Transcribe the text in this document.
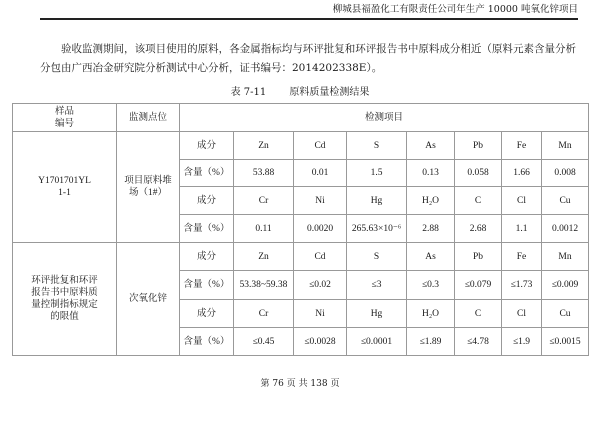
柳城县福盈化工有限责任公司年生产 10000 吨氧化锌项目

验收监测期间，该项目使用的原料，各金属指标均与环评批复和环评报告书中原料成分相近（原料元素含量分析分包由广西冶金研究院分析测试中心分析，证书编号：2014202338E）。

表 7-11 原料质量检测结果
样品
编号	监测点位	检测项目							
Y1701701YL
1-1	项目原料堆
场（1#）	成分	Zn	Cd	S	As	Pb	Fe	Mn
		含量（%）	53.88	0.01	1.5	0.13	0.058	1.66	0.008
		成分	Cr	Ni	Hg	H₂O	C	Cl	Cu
		含量（%）	0.11	0.0020	265.63×10⁻⁶	2.88	2.68	1.1	0.0012
环评批复和环评
报告书中原料质
量控制指标规定
的限值	次氧化锌	成分	Zn	Cd	S	As	Pb	Fe	Mn
		含量（%）	53.38~59.38	≤0.02	≤3	≤0.3	≤0.079	≤1.73	≤0.009
		成分	Cr	Ni	Hg	H₂O	C	Cl	Cu
		含量（%）	≤0.45	≤0.0028	≤0.0001	≤1.89	≤4.78	≤1.9	≤0.0015
第 76 页 共 138 页
